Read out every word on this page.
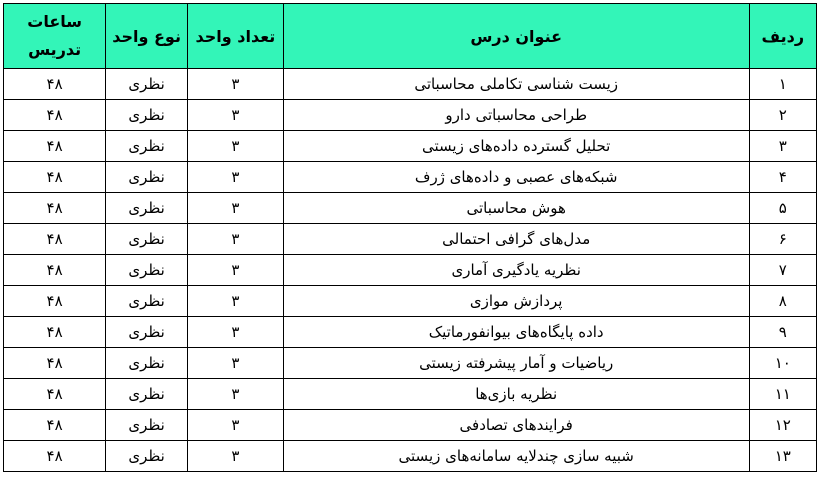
ردیف	عنوان درس	تعداد واحد	نوع واحد	ساعات
تدریس
۱	زیست شناسی تکاملی محاسباتی	۳	نظری	۴۸
۲	طراحی محاسباتی دارو	۳	نظری	۴۸
۳	تحلیل گسترده داده‌های زیستی	۳	نظری	۴۸
۴	شبکه‌های عصبی و داده‌های ژرف	۳	نظری	۴۸
۵	هوش محاسباتی	۳	نظری	۴۸
۶	مدل‌های گرافی احتمالی	۳	نظری	۴۸
۷	نظریه یادگیری آماری	۳	نظری	۴۸
۸	پردازش موازی	۳	نظری	۴۸
۹	داده پایگاه‌های بیوانفورماتیک	۳	نظری	۴۸
۱۰	ریاضیات و آمار پیشرفته زیستی	۳	نظری	۴۸
۱۱	نظریه بازی‌ها	۳	نظری	۴۸
۱۲	فرایندهای تصادفی	۳	نظری	۴۸
۱۳	شبیه سازی چندلایه سامانه‌های زیستی	۳	نظری	۴۸
